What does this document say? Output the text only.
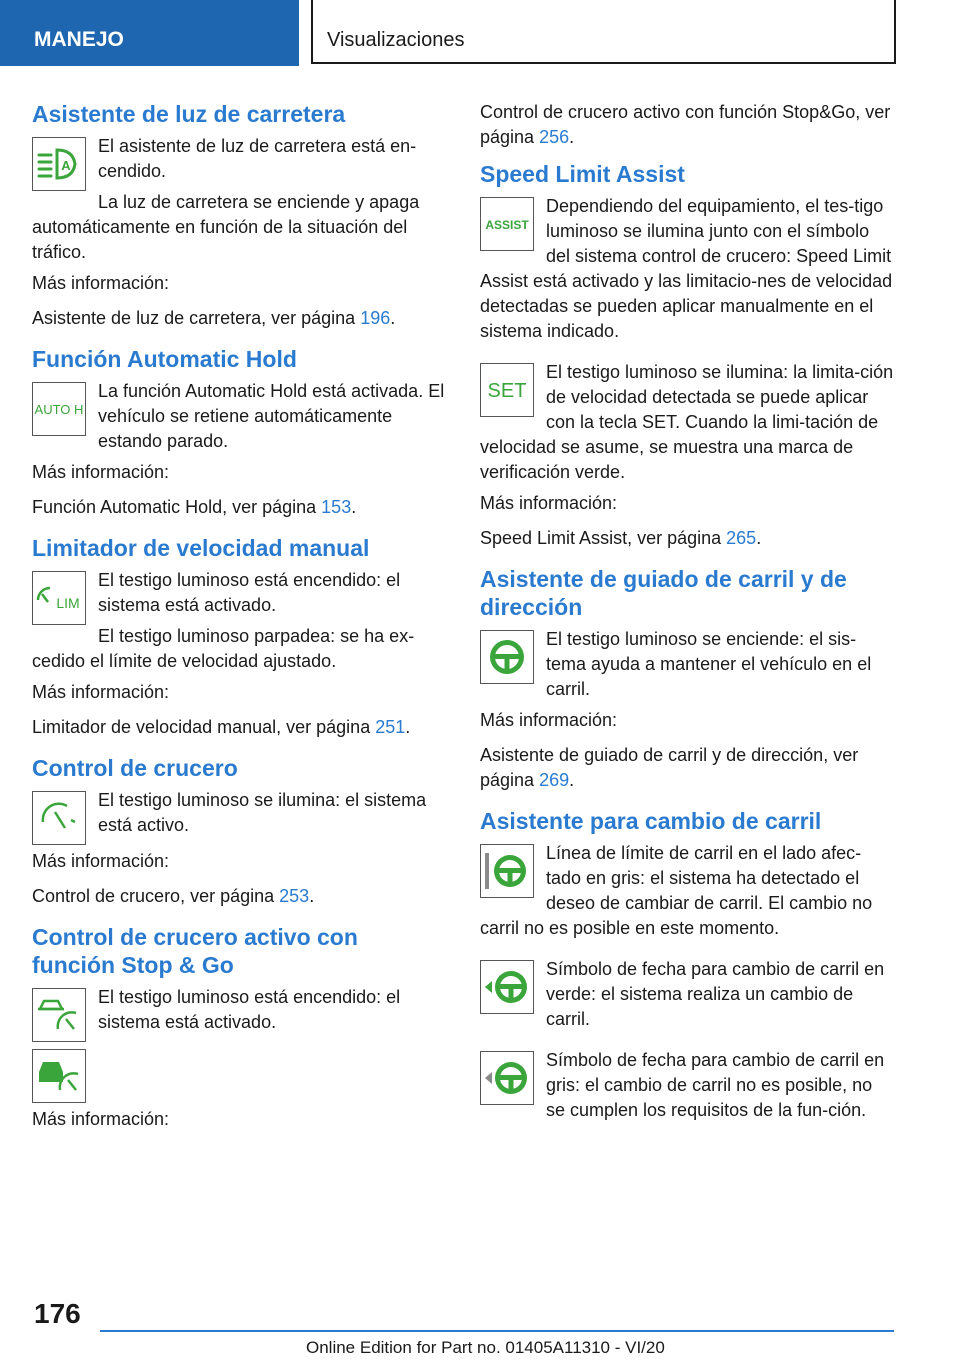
MANEJO	Visualizaciones
Asistente de luz de carretera
A

El asistente de luz de carretera está en-cendido.

La luz de carretera se enciende y apaga automáticamente en función de la situación del tráfico.

Más información:

Asistente de luz de carretera, ver página 196.

Función Automatic Hold
AUTO H

La función Automatic Hold está activada. El vehículo se retiene automáticamente estando parado.

Más información:

Función Automatic Hold, ver página 153.

Limitador de velocidad manual
LIM

El testigo luminoso está encendido: el sistema está activado.

El testigo luminoso parpadea: se ha ex-cedido el límite de velocidad ajustado.

Más información:

Limitador de velocidad manual, ver página 251.

Control de crucero

El testigo luminoso se ilumina: el sistema está activo.

Más información:

Control de crucero, ver página 253.

Control de crucero activo con función Stop & Go

El testigo luminoso está encendido: el sistema está activado.

Más información:

Control de crucero activo con función Stop&Go, ver página 256.

Speed Limit Assist
ASSIST

Dependiendo del equipamiento, el tes-tigo luminoso se ilumina junto con el símbolo del sistema control de crucero: Speed Limit Assist está activado y las limitacio-nes de velocidad detectadas se pueden aplicar manualmente en el sistema indicado.

SET

El testigo luminoso se ilumina: la limita-ción de velocidad detectada se puede aplicar con la tecla SET. Cuando la limi-tación de velocidad se asume, se muestra una marca de verificación verde.

Más información:

Speed Limit Assist, ver página 265.

Asistente de guiado de carril y de dirección

El testigo luminoso se enciende: el sis-tema ayuda a mantener el vehículo en el carril.

Más información:

Asistente de guiado de carril y de dirección, ver página 269.

Asistente para cambio de carril

Línea de límite de carril en el lado afec-tado en gris: el sistema ha detectado el deseo de cambiar de carril. El cambio no carril no es posible en este momento.

Símbolo de fecha para cambio de carril en verde: el sistema realiza un cambio de carril.

Símbolo de fecha para cambio de carril en gris: el cambio de carril no es posible, no se cumplen los requisitos de la fun-ción.

176
Online Edition for Part no. 01405A11310 - VI/20
